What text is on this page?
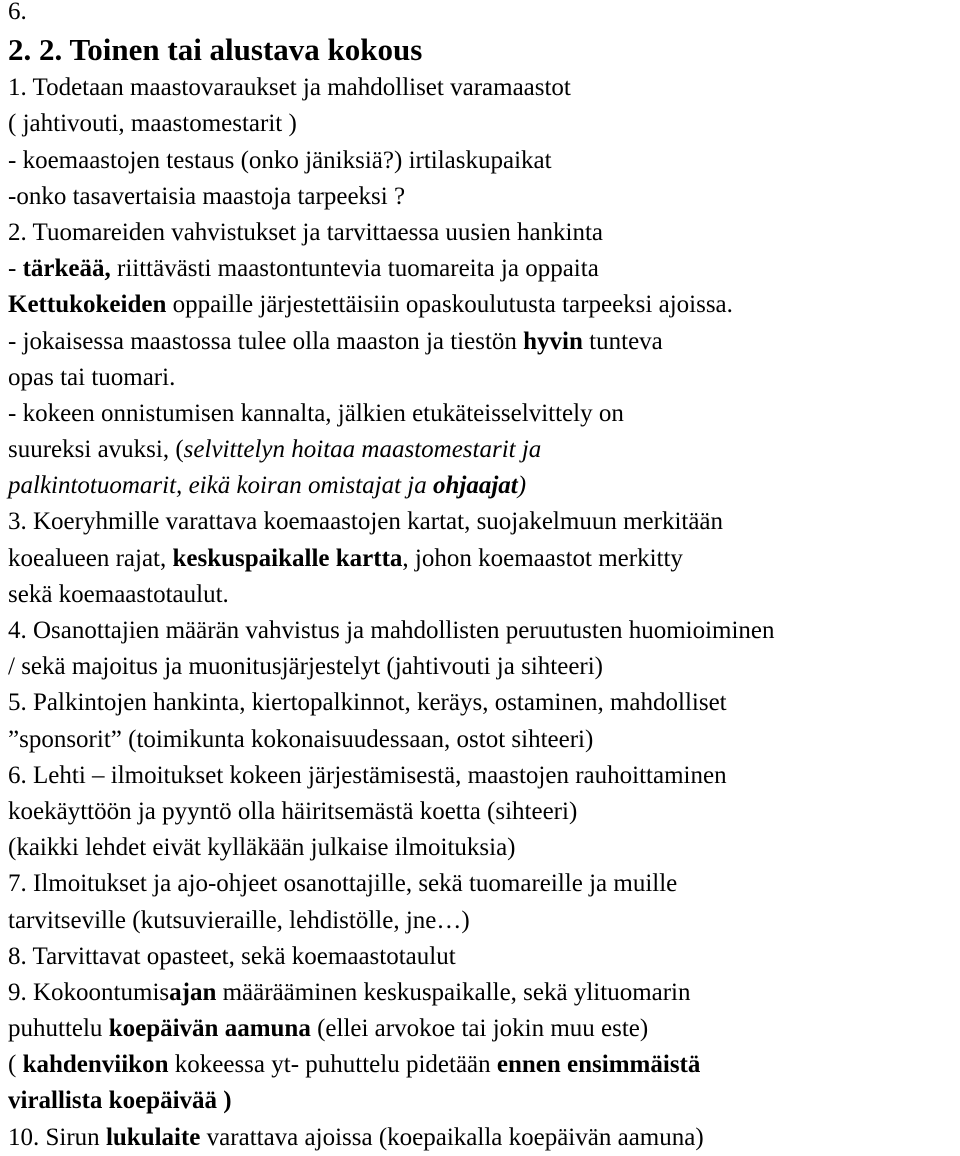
6.
2. 2. Toinen tai alustava kokous
1. Todetaan maastovaraukset ja mahdolliset varamaastot
( jahtivouti, maastomestarit )
- koemaastojen testaus (onko jäniksiä?) irtilaskupaikat
-onko tasavertaisia maastoja tarpeeksi ?
2. Tuomareiden vahvistukset ja tarvittaessa uusien hankinta
- tärkeää, riittävästi maastontuntevia tuomareita ja oppaita
Kettukokeiden oppaille järjestettäisiin opaskoulutusta tarpeeksi ajoissa.
- jokaisessa maastossa tulee olla maaston ja tiestön hyvin tunteva
opas tai tuomari.
- kokeen onnistumisen kannalta, jälkien etukäteisselvittely on
suureksi avuksi, (selvittelyn hoitaa maastomestarit ja
palkintotuomarit, eikä koiran omistajat ja ohjaajat)
3. Koeryhmille varattava koemaastojen kartat, suojakelmuun merkitään
koealueen rajat, keskuspaikalle kartta, johon koemaastot merkitty
sekä koemaastotaulut.
4. Osanottajien määrän vahvistus ja mahdollisten peruutusten huomioiminen
/ sekä majoitus ja muonitusjärjestelyt (jahtivouti ja sihteeri)
5. Palkintojen hankinta, kiertopalkinnot, keräys, ostaminen, mahdolliset
”sponsorit” (toimikunta kokonaisuudessaan, ostot sihteeri)
6. Lehti – ilmoitukset kokeen järjestämisestä, maastojen rauhoittaminen
koekäyttöön ja pyyntö olla häiritsemästä koetta (sihteeri)
(kaikki lehdet eivät kylläkään julkaise ilmoituksia)
7. Ilmoitukset ja ajo-ohjeet osanottajille, sekä tuomareille ja muille
tarvitseville (kutsuvieraille, lehdistölle, jne…)
8. Tarvittavat opasteet, sekä koemaastotaulut
9. Kokoontumisajan määrääminen keskuspaikalle, sekä ylituomarin
puhuttelu koepäivän aamuna (ellei arvokoe tai jokin muu este)
( kahdenviikon kokeessa yt- puhuttelu pidetään ennen ensimmäistä
virallista koepäivää )
10. Sirun lukulaite varattava ajoissa (koepaikalla koepäivän aamuna)
